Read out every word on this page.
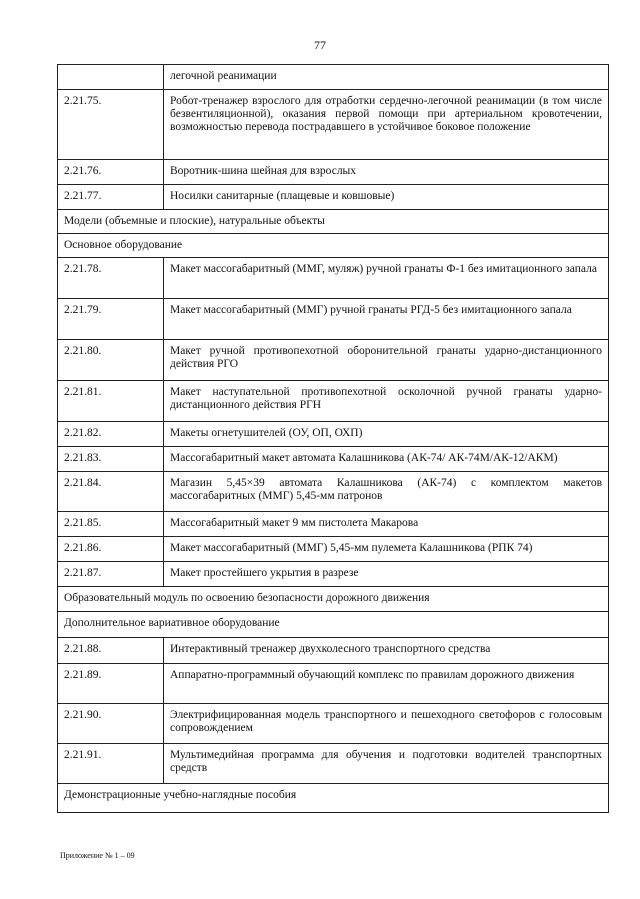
77
легочной реанимации
2.21.75.	Робот-тренажер взрослого для отработки сердечно-легочной реанимации (в том числе безвентиляционной), оказания первой помощи при артериальном кровотечении, возможностью перевода пострадавшего в устойчивое боковое положение
2.21.76.	Воротник-шина шейная для взрослых
2.21.77.	Носилки санитарные (плащевые и ковшовые)
Модели (объемные и плоские), натуральные объекты
Основное оборудование
2.21.78.	Макет массогабаритный (ММГ, муляж) ручной гранаты Ф-1 без имитационного запала
2.21.79.	Макет массогабаритный (ММГ) ручной гранаты РГД-5 без имитационного запала
2.21.80.	Макет ручной противопехотной оборонительной гранаты ударно-дистанционного действия РГО
2.21.81.	Макет наступательной противопехотной осколочной ручной гранаты ударно-дистанционного действия РГН
2.21.82.	Макеты огнетушителей (ОУ, ОП, ОХП)
2.21.83.	Массогабаритный макет автомата Калашникова (АК-74/ АК-74М/АК-12/АКМ)
2.21.84.	Магазин 5,45×39 автомата Калашникова (АК-74) с комплектом макетов массогабаритных (ММГ) 5,45-мм патронов
2.21.85.	Массогабаритный макет 9 мм пистолета Макарова
2.21.86.	Макет массогабаритный (ММГ) 5,45-мм пулемета Калашникова (РПК 74)
2.21.87.	Макет простейшего укрытия в разрезе
Образовательный модуль по освоению безопасности дорожного движения
Дополнительное вариативное оборудование
2.21.88.	Интерактивный тренажер двухколесного транспортного средства
2.21.89.	Аппаратно-программный обучающий комплекс по правилам дорожного движения
2.21.90.	Электрифицированная модель транспортного и пешеходного светофоров с голосовым сопровождением
2.21.91.	Мультимедийная программа для обучения и подготовки водителей транспортных средств
Демонстрационные учебно-наглядные пособия
Приложение № 1 – 09
